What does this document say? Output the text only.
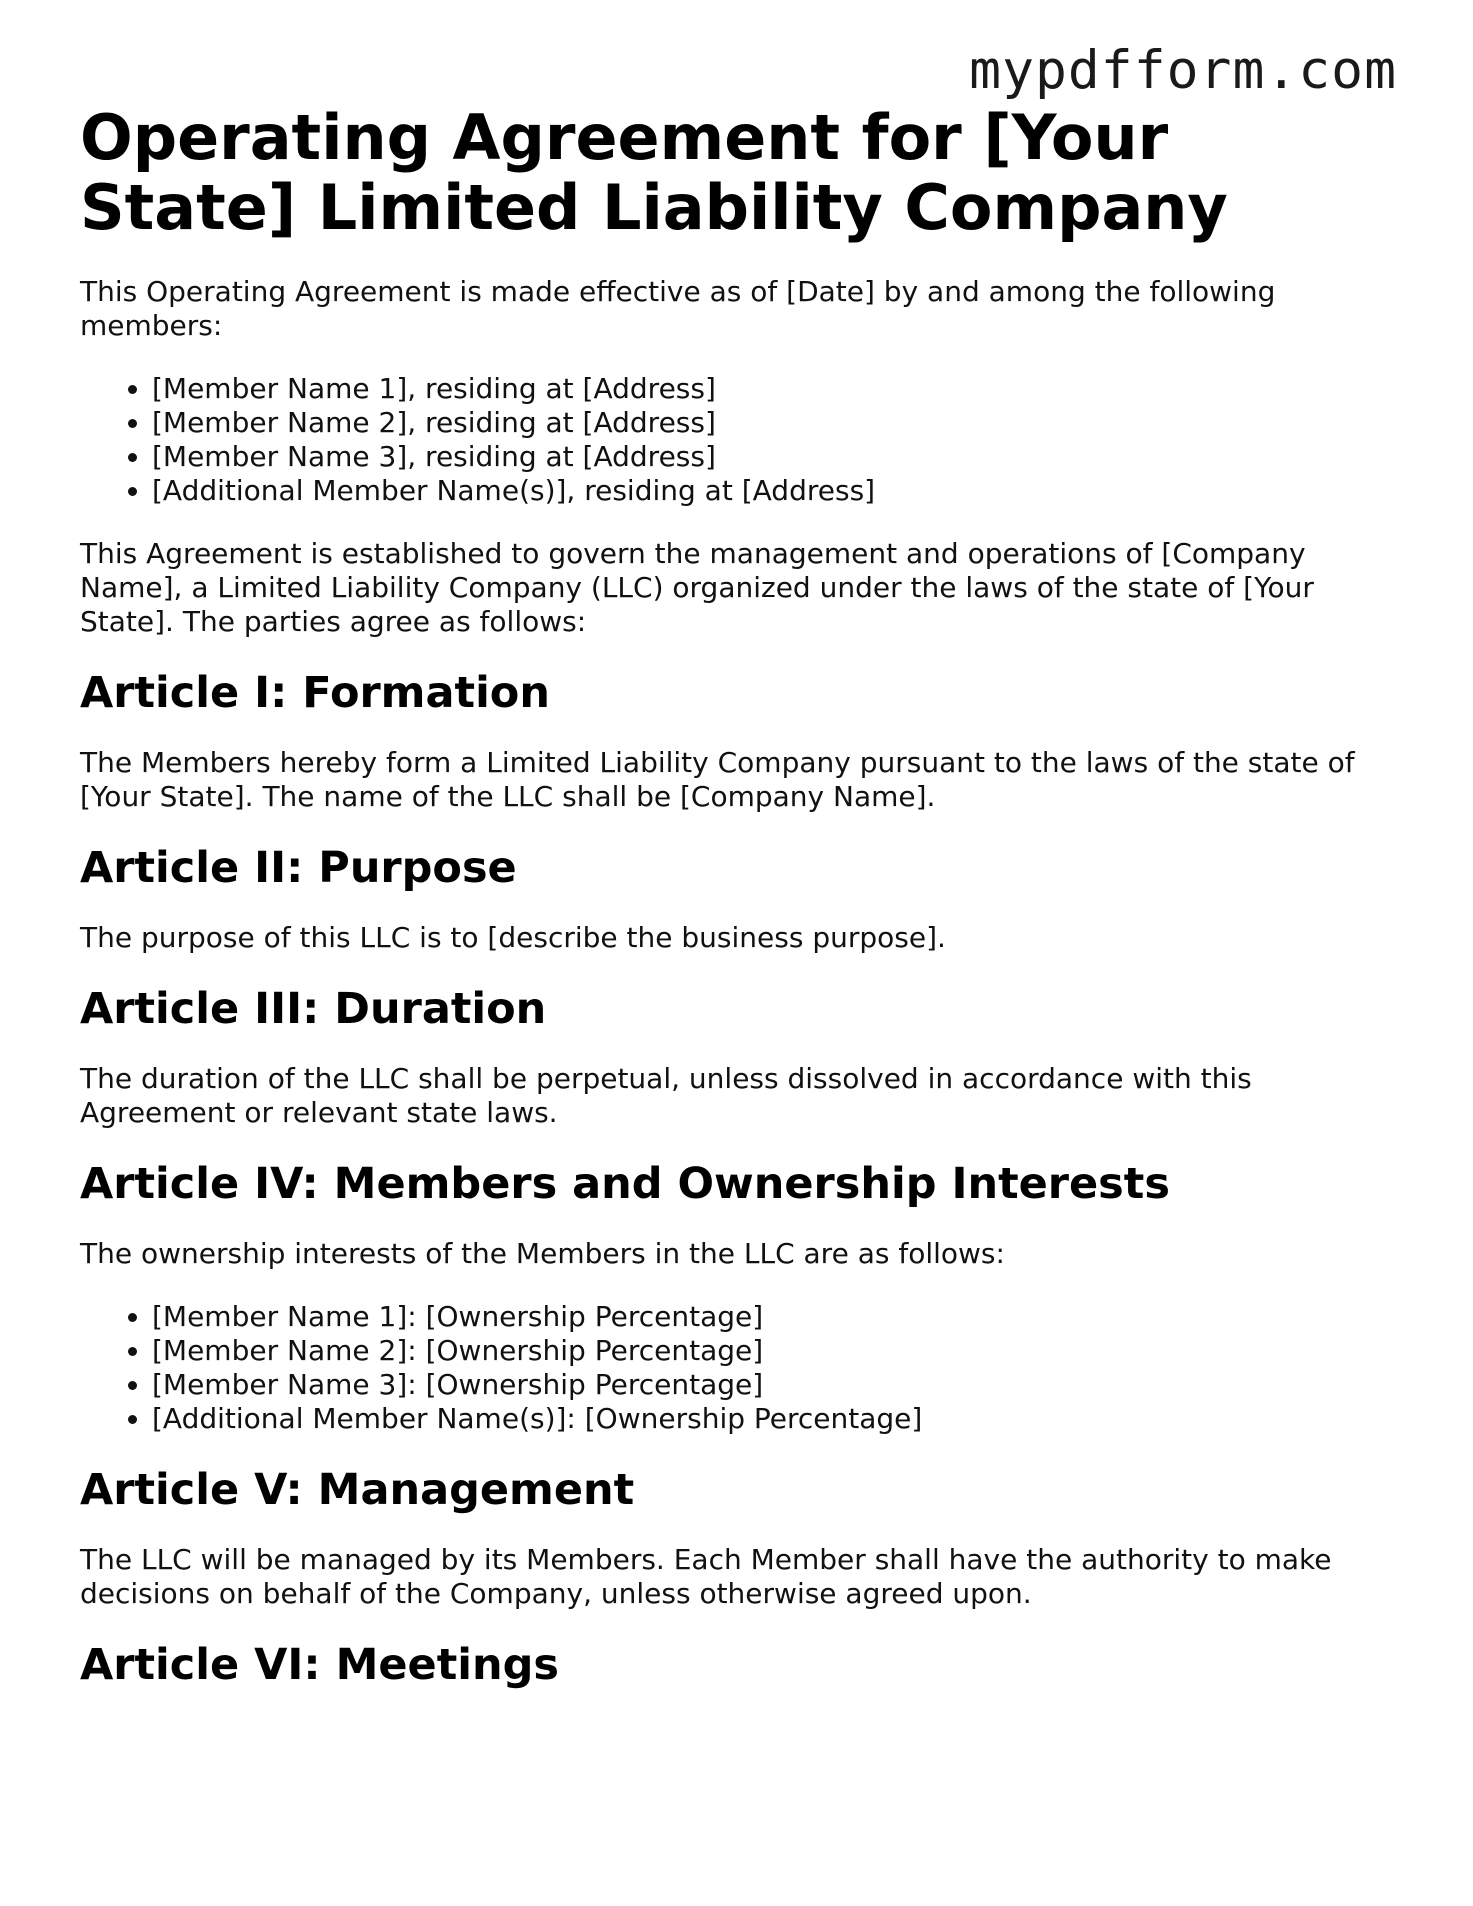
mypdfform.com
Operating Agreement for [Your State] Limited Liability Company

This Operating Agreement is made effective as of [Date] by and among the following members:

• [Member Name 1], residing at [Address]
• [Member Name 2], residing at [Address]
• [Member Name 3], residing at [Address]
• [Additional Member Name(s)], residing at [Address]

This Agreement is established to govern the management and operations of [Company Name], a Limited Liability Company (LLC) organized under the laws of the state of [Your State]. The parties agree as follows:

Article I: Formation

The Members hereby form a Limited Liability Company pursuant to the laws of the state of [Your State]. The name of the LLC shall be [Company Name].

Article II: Purpose

The purpose of this LLC is to [describe the business purpose].

Article III: Duration

The duration of the LLC shall be perpetual, unless dissolved in accordance with this Agreement or relevant state laws.

Article IV: Members and Ownership Interests

The ownership interests of the Members in the LLC are as follows:

• [Member Name 1]: [Ownership Percentage]
• [Member Name 2]: [Ownership Percentage]
• [Member Name 3]: [Ownership Percentage]
• [Additional Member Name(s)]: [Ownership Percentage]
Article V: Management

The LLC will be managed by its Members. Each Member shall have the authority to make decisions on behalf of the Company, unless otherwise agreed upon.

Article VI: Meetings
